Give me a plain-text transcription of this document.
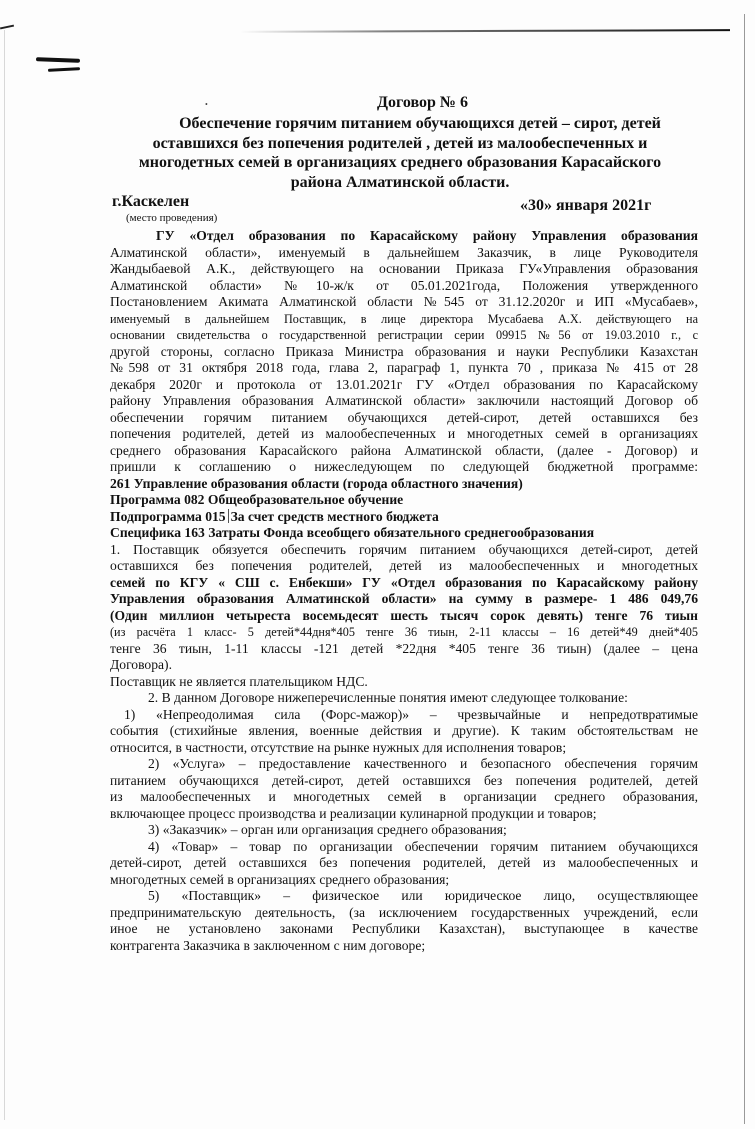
•	Договор № 6
Обеспечение горячим питанием обучающихся детей – сирот, детей
оставшихся без попечения родителей , детей из малообеспеченных и
многодетных семей в организациях среднего образования Карасайского
района Алматинской области.
г.Каскелен
(место проведения)
«30» января 2021г
ГУ «Отдел образования по Карасайскому району Управления образования
Алматинской области», именуемый в дальнейшем Заказчик, в лице Руководителя
Жандыбаевой А.К., действующего на основании Приказа ГУ«Управления образования
Алматинской области» №10-ж/к от 05.01.2021года, Положения утвержденного
Постановлением Акимата Алматинской области №545 от 31.12.2020г и ИП «Мусабаев»,
именуемый в дальнейшем Поставщик, в лице директора Мусабаева А.Х. действующего на
основании свидетельства о государственной регистрации серии 09915 №56 от 19.03.2010 г., с
другой стороны, согласно Приказа Министра образования и науки Республики Казахстан
№598 от 31 октября 2018 года, глава 2, параграф 1, пункта 70 , приказа № 415 от 28
декабря 2020г и протокола от 13.01.2021г ГУ «Отдел образования по Карасайскому
району Управления образования Алматинской области» заключили настоящий Договор об
обеспечении горячим питанием обучающихся детей-сирот, детей оставшихся без
попечения родителей, детей из малообеспеченных и многодетных семей в организациях
среднего образования Карасайского района Алматинской области, (далее - Договор) и
пришли к соглашению о нижеследующем по следующей бюджетной программе:
261 Управление образования области (города областного значения)
Программа 082 Общеобразовательное обучение
Подпрограмма 015 За счет средств местного бюджета
Специфика 163 Затраты Фонда всеобщего обязательного среднегообразования
1. Поставщик обязуется обеспечить горячим питанием обучающихся детей-сирот, детей
оставшихся без попечения родителей, детей из малообеспеченных и многодетных
семей по КГУ « СШ с. Енбекши» ГУ «Отдел образования по Карасайскому району
Управления образования Алматинской области» на сумму в размере- 1 486 049,76
(Один миллион четыреста восемьдесят шесть тысяч сорок девять) тенге 76 тиын
(из расчёта 1 класс- 5 детей*44дня*405 тенге 36 тиын, 2-11 классы – 16 детей*49 дней*405
тенге 36 тиын, 1-11 классы -121 детей *22дня *405 тенге 36 тиын) (далее – цена
Договора).
Поставщик не является плательщиком НДС.
2. В данном Договоре нижеперечисленные понятия имеют следующее толкование:
1) «Непреодолимая сила (Форс-мажор)» – чрезвычайные и непредотвратимые
события (стихийные явления, военные действия и другие). К таким обстоятельствам не
относится, в частности, отсутствие на рынке нужных для исполнения товаров;
2) «Услуга» – предоставление качественного и безопасного обеспечения горячим
питанием обучающихся детей-сирот, детей оставшихся без попечения родителей, детей
из малообеспеченных и многодетных семей в организации среднего образования,
включающее процесс производства и реализации кулинарной продукции и товаров;
3) «Заказчик» – орган или организация среднего образования;
4) «Товар» – товар по организации обеспечении горячим питанием обучающихся
детей-сирот, детей оставшихся без попечения родителей, детей из малообеспеченных и
многодетных семей в организациях среднего образования;
5) «Поставщик» – физическое или юридическое лицо, осуществляющее
предпринимательскую деятельность, (за исключением государственных учреждений, если
иное не установлено законами Республики Казахстан), выступающее в качестве
контрагента Заказчика в заключенном с ним договоре;
